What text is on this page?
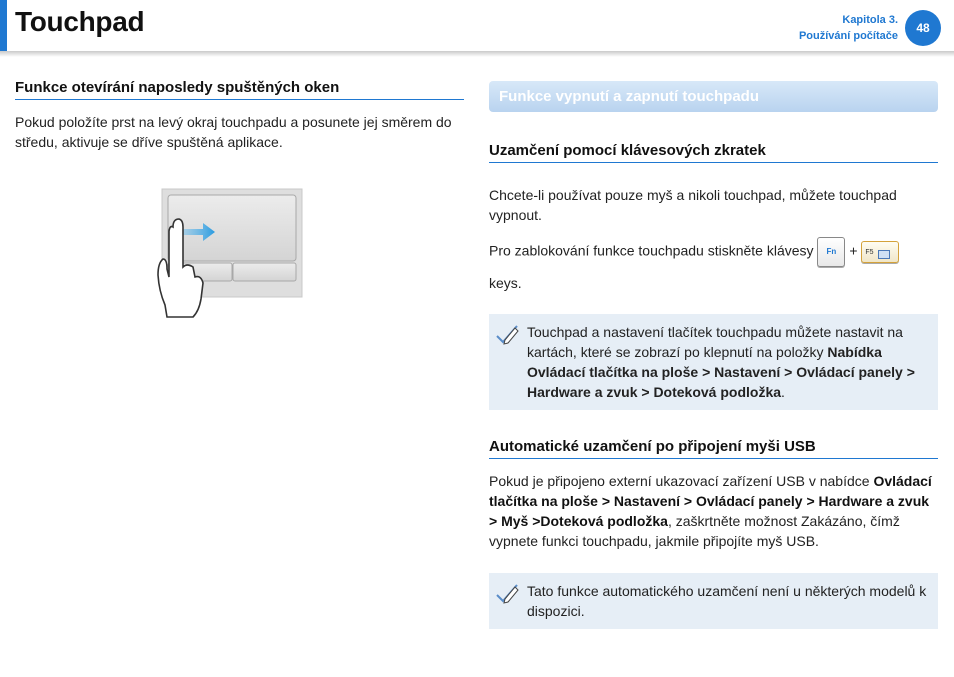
Touchpad	Kapitola 3.
Používání počítače
48
Funkce otevírání naposledy spuštěných oken
Pokud položíte prst na levý okraj touchpadu a posunete jej směrem do středu, aktivuje se dříve spuštěná aplikace.
Funkce vypnutí a zapnutí touchpadu
Uzamčení pomocí klávesových zkratek
Chcete-li používat pouze myš a nikoli touchpad, můžete touchpad vypnout.
Pro zablokování funkce touchpadu stiskněte klávesy Fn + F5
keys.
Touchpad a nastavení tlačítek touchpadu můžete nastavit na kartách, které se zobrazí po klepnutí na položky Nabídka Ovládací tlačítka na ploše > Nastavení > Ovládací panely > Hardware a zvuk > Doteková podložka.
Automatické uzamčení po připojení myši USB
Pokud je připojeno externí ukazovací zařízení USB v nabídce Ovládací tlačítka na ploše > Nastavení > Ovládací panely > Hardware a zvuk > Myš >Doteková podložka, zaškrtněte možnost Zakázáno, čímž vypnete funkci touchpadu, jakmile připojíte myš USB.
Tato funkce automatického uzamčení není u některých modelů k dispozici.
